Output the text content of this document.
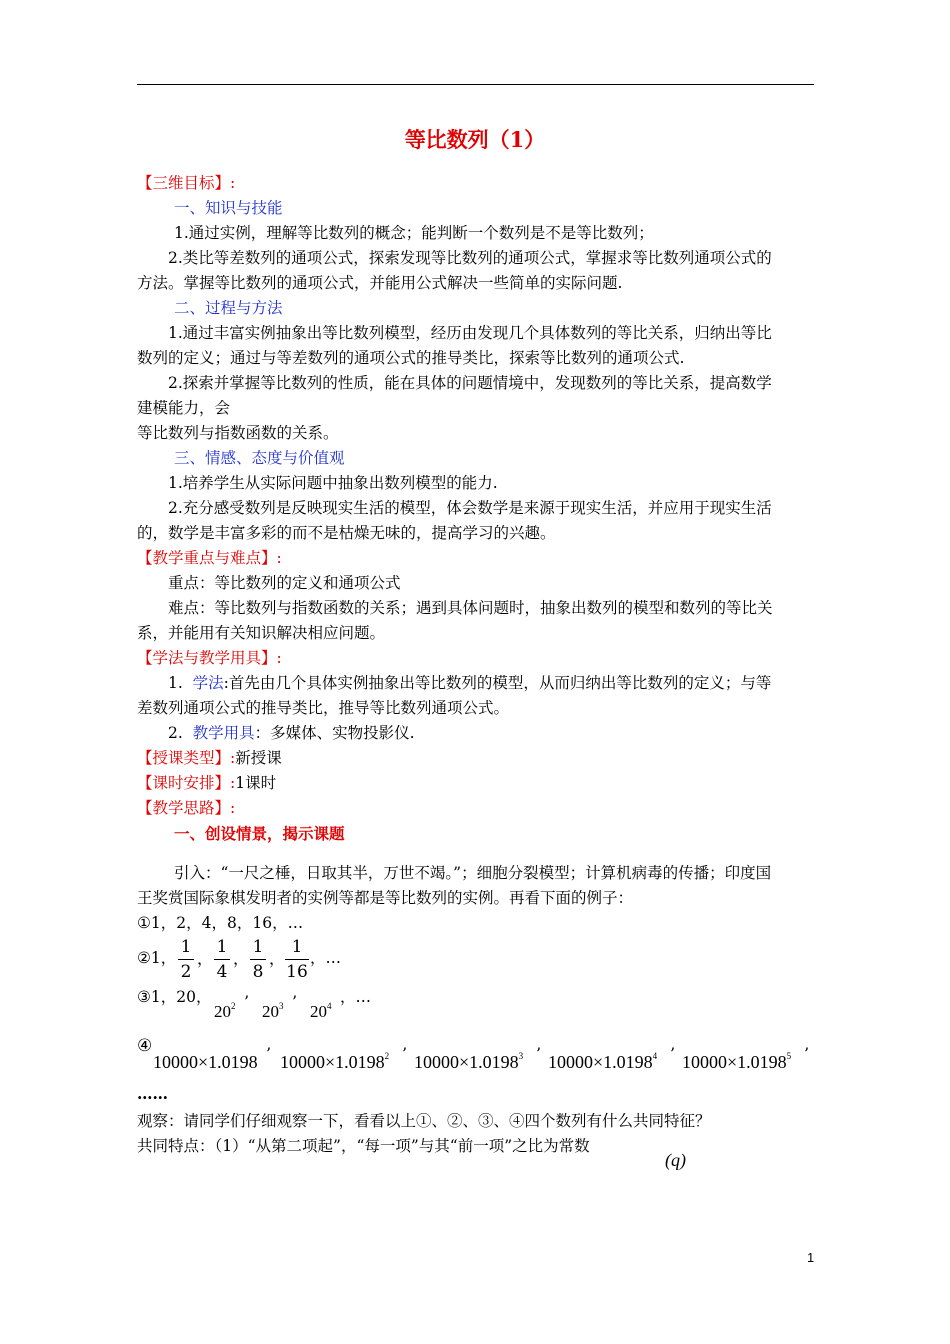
等比数列（1）
【三维目标】:
一、知识与技能
1.通过实例，理解等比数列的概念；能判断一个数列是不是等比数列；
2.类比等差数列的通项公式，探索发现等比数列的通项公式，掌握求等比数列通项公式的
方法。掌握等比数列的通项公式，并能用公式解决一些简单的实际问题.
二、过程与方法
1.通过丰富实例抽象出等比数列模型，经历由发现几个具体数列的等比关系，归纳出等比
数列的定义；通过与等差数列的通项公式的推导类比，探索等比数列的通项公式.
2.探索并掌握等比数列的性质，能在具体的问题情境中，发现数列的等比关系，提高数学
建模能力，会
等比数列与指数函数的关系。
三、情感、态度与价值观
1.培养学生从实际问题中抽象出数列模型的能力.
2.充分感受数列是反映现实生活的模型，体会数学是来源于现实生活，并应用于现实生活
的，数学是丰富多彩的而不是枯燥无味的，提高学习的兴趣。
【教学重点与难点】:
重点：等比数列的定义和通项公式
难点：等比数列与指数函数的关系；遇到具体问题时，抽象出数列的模型和数列的等比关
系，并能用有关知识解决相应问题。
【学法与教学用具】:
1. 学法:首先由几个具体实例抽象出等比数列的模型，从而归纳出等比数列的定义；与等
差数列通项公式的推导类比，推导等比数列通项公式。
2. 教学用具：多媒体、实物投影仪.
【授课类型】:新授课
【课时安排】:1课时
【教学思路】:
一、创设情景，揭示课题
引入：“一尺之棰，日取其半，万世不竭。”；细胞分裂模型；计算机病毒的传播；印度国
王奖赏国际象棋发明者的实例等都是等比数列的实例。再看下面的例子：
①1，2，4，8，16，…
②1，
1
2
，
1
4
，
1
8
，
1
16
，…
③1，20，
$20^2$ ’
$20^3$ ’
$20^4$ ，…
④
10000×1.0198 ’ $10000\times 1.0198^2$ ’ $10000\times 1.0198^3$ ’ $10000\times 1.0198^4$ ’ $10000\times 1.0198^5$ ’
……
观察：请同学们仔细观察一下，看看以上①、②、③、④四个数列有什么共同特征？
共同特点：（1）“从第二项起”，“每一项”与其“前一项”之比为常数
(q)
1
